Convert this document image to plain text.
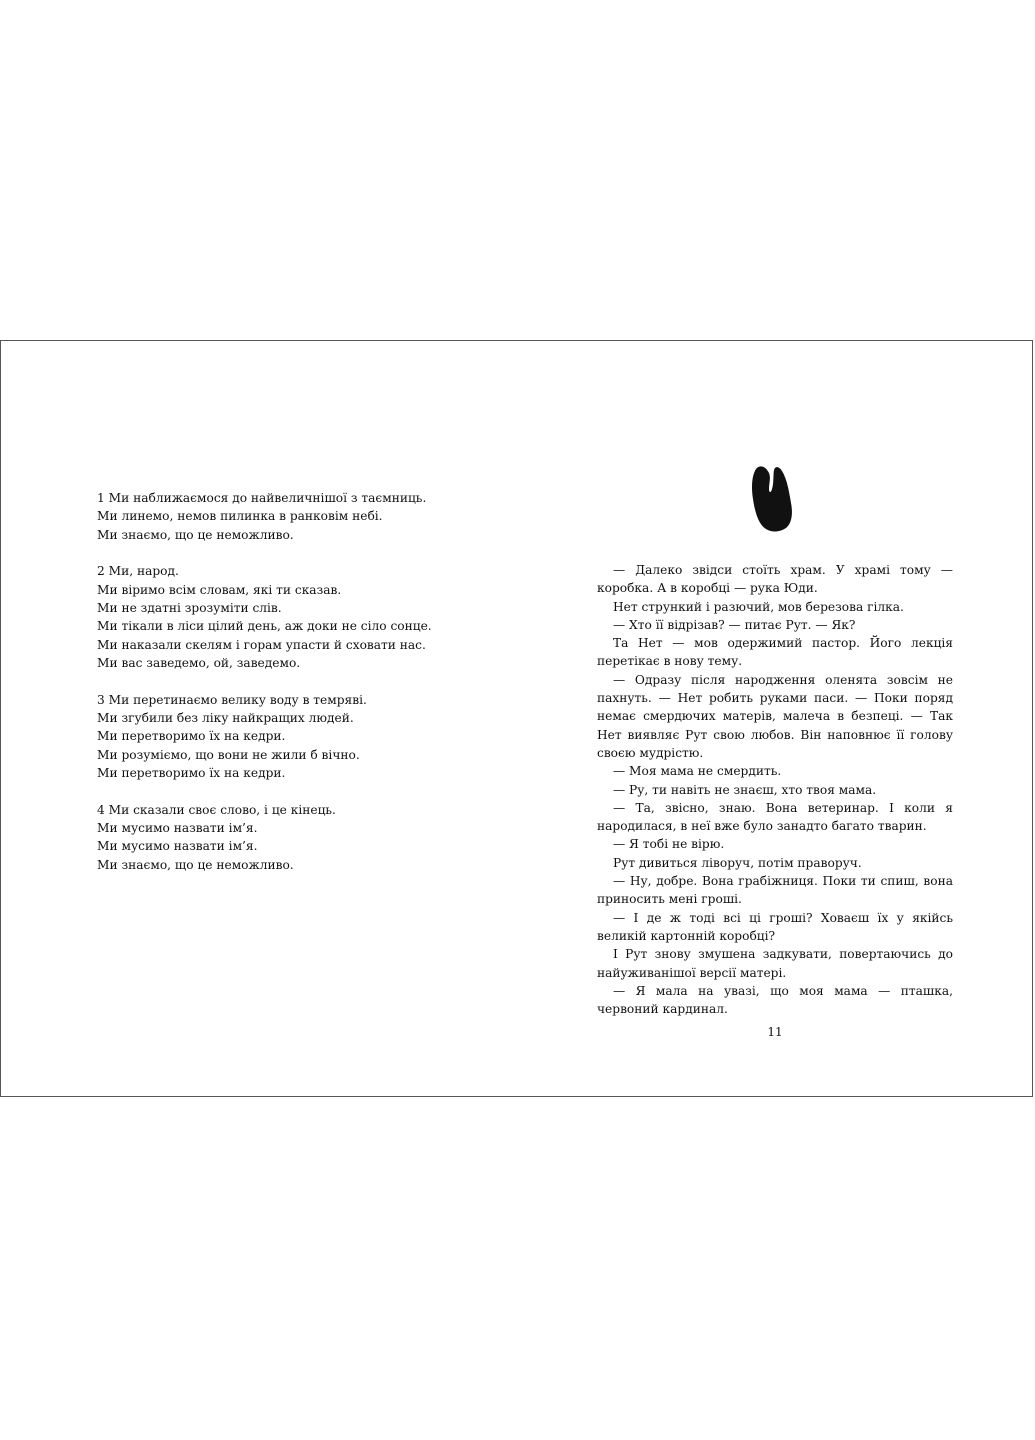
1 Ми наближаємося до найвеличнішої з таємниць.
Ми линемо, немов пилинка в ранковім небі.
Ми знаємо, що це неможливо.
2 Ми, народ.
Ми віримо всім словам, які ти сказав.
Ми не здатні зрозуміти слів.
Ми тікали в ліси цілий день, аж доки не сіло сонце.
Ми наказали скелям і горам упасти й сховати нас.
Ми вас заведемо, ой, заведемо.
3 Ми перетинаємо велику воду в темряві.
Ми згубили без ліку найкращих людей.
Ми перетворимо їх на кедри.
Ми розуміємо, що вони не жили б вічно.
Ми перетворимо їх на кедри.
4 Ми сказали своє слово, і це кінець.
Ми мусимо назвати ім’я.
Ми мусимо назвати ім’я.
Ми знаємо, що це неможливо.

— Далеко звідси стоїть храм. У храмі тому — коробка. А в коробці — рука Юди.

Нет стрункий і разючий, мов березова гілка.

— Хто її відрізав? — питає Рут. — Як?

Та Нет — мов одержимий пастор. Його лекція перетікає в нову тему.

— Одразу після народження оленята зовсім не пахнуть. — Нет робить руками паси. — Поки поряд немає смердючих матерів, малеча в безпеці. — Так Нет виявляє Рут свою любов. Він наповнює її голову своєю мудрістю.

— Моя мама не смердить.

— Ру, ти навіть не знаєш, хто твоя мама.

— Та, звісно, знаю. Вона ветеринар. І коли я народилася, в неї вже було занадто багато тварин.

— Я тобі не вірю.

Рут дивиться ліворуч, потім праворуч.

— Ну, добре. Вона грабіжниця. Поки ти спиш, вона приносить мені гроші.

— І де ж тоді всі ці гроші? Ховаєш їх у якійсь великій картонній коробці?

І Рут знову змушена задкувати, повертаючись до найуживанішої версії матері.

— Я мала на увазі, що моя мама — пташка, червоний кардинал.

11
